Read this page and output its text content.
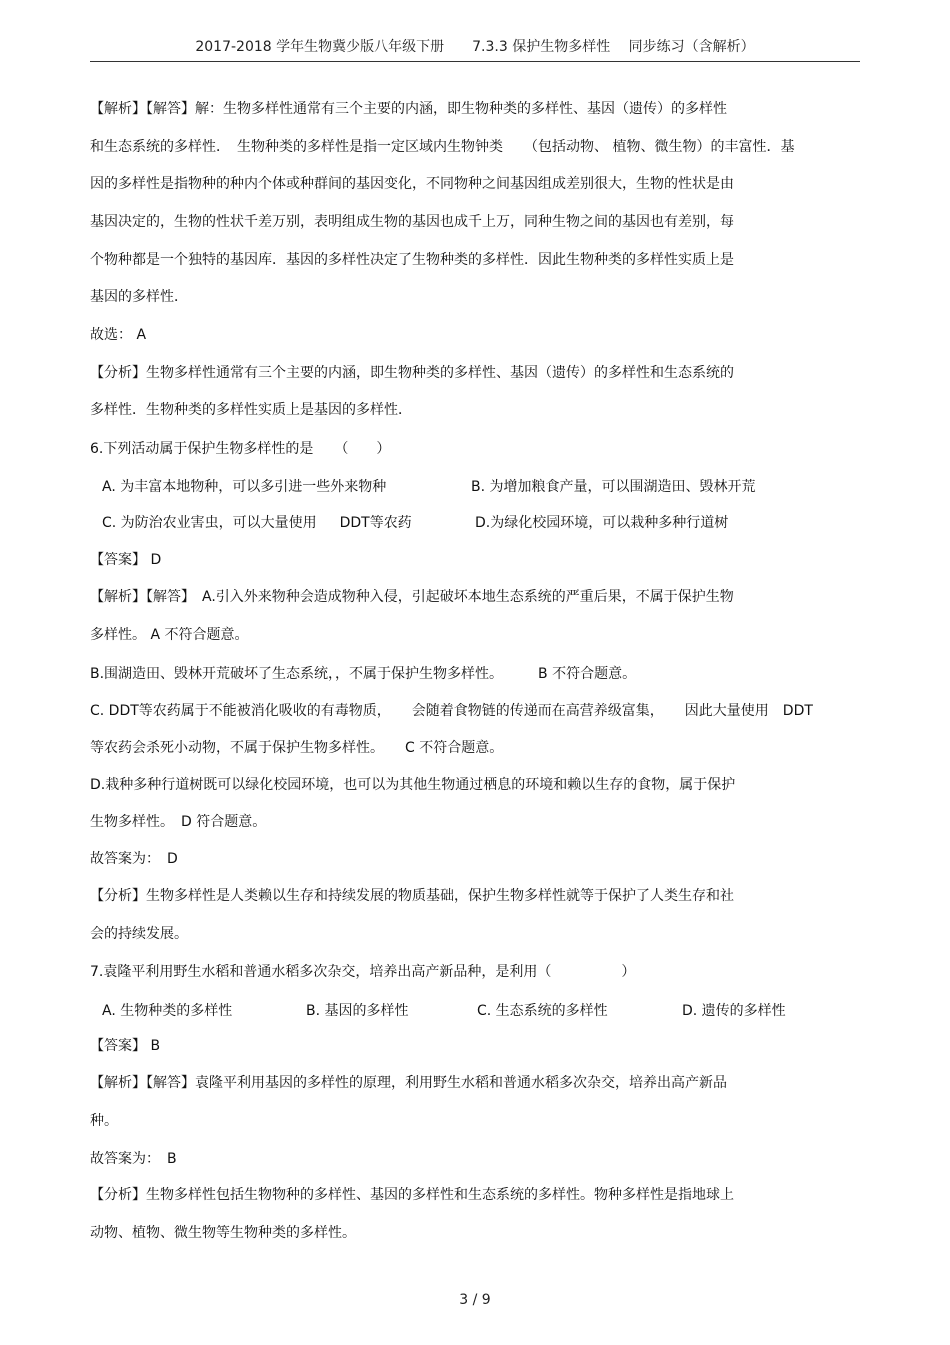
2017-2018 学年生物冀少版八年级下册　　7.3.3 保护生物多样性　 同步练习（含解析）
【解析】【解答】解：生物多样性通常有三个主要的内涵，即生物种类的多样性、基因（遗传）的多样性
和生态系统的多样性．　生物种类的多样性是指一定区域内生物钟类　　（包括动物、 植物、微生物）的丰富性．基
因的多样性是指物种的种内个体或种群间的基因变化，不同物种之间基因组成差别很大，生物的性状是由
基因决定的，生物的性状千差万别，表明组成生物的基因也成千上万，同种生物之间的基因也有差别，每
个物种都是一个独特的基因库．基因的多样性决定了生物种类的多样性．因此生物种类的多样性实质上是
基因的多样性．
故选： A
【分析】生物多样性通常有三个主要的内涵，即生物种类的多样性、基因（遗传）的多样性和生态系统的
多样性．生物种类的多样性实质上是基因的多样性．
6.下列活动属于保护生物多样性的是　　（　　）
A. 为丰富本地物种，可以多引进一些外来物种	B. 为增加粮食产量，可以围湖造田、毁林开荒
C. 为防治农业害虫，可以大量使用　  DDT等农药	D.为绿化校园环境，可以栽种多种行道树
【答案】 D
【解析】【解答】　A.引入外来物种会造成物种入侵，引起破坏本地生态系统的严重后果，不属于保护生物
多样性。 A 不符合题意。
B.围湖造田、毁林开荒破坏了生态系统，，不属于保护生物多样性。　　　B 不符合题意。
C. DDT等农药属于不能被消化吸收的有毒物质，　　会随着食物链的传递而在高营养级富集，　　因此大量使用　DDT
等农药会杀死小动物，不属于保护生物多样性。　　C 不符合题意。
D.栽种多种行道树既可以绿化校园环境，也可以为其他生物通过栖息的环境和赖以生存的食物，属于保护
生物多样性。　D 符合题意。
故答案为：　D
【分析】生物多样性是人类赖以生存和持续发展的物质基础，保护生物多样性就等于保护了人类生存和社
会的持续发展。
7.袁隆平利用野生水稻和普通水稻多次杂交，培养出高产新品种，是利用（　　　　　）
A. 生物种类的多样性	B. 基因的多样性	C. 生态系统的多样性	D. 遗传的多样性
【答案】 B
【解析】【解答】袁隆平利用基因的多样性的原理，利用野生水稻和普通水稻多次杂交，培养出高产新品
种。
故答案为：　B
【分析】生物多样性包括生物物种的多样性、基因的多样性和生态系统的多样性。物种多样性是指地球上
动物、植物、微生物等生物种类的多样性。
3 / 9
